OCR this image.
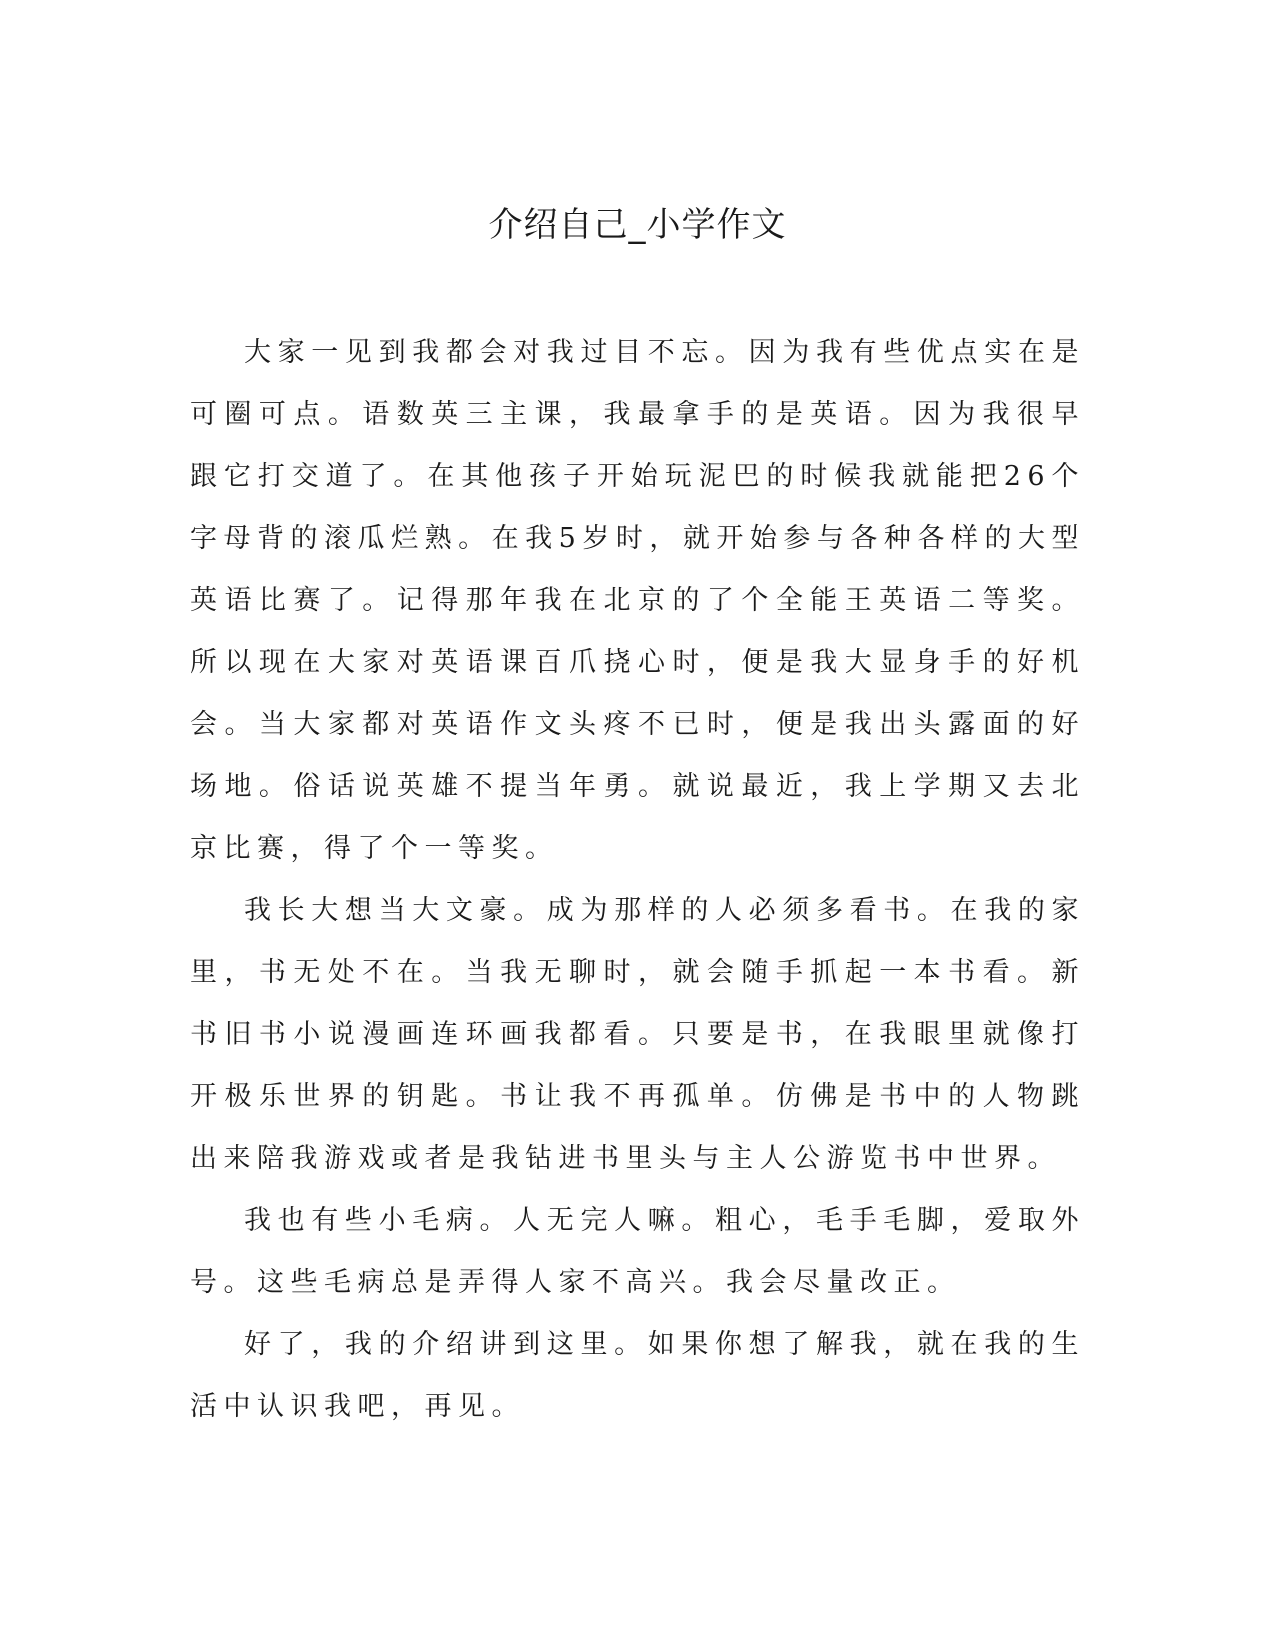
介绍自己_小学作文

大家一见到我都会对我过目不忘。因为我有些优点实在是可圈可点。语数英三主课，我最拿手的是英语。因为我很早跟它打交道了。在其他孩子开始玩泥巴的时候我就能把26个字母背的滚瓜烂熟。在我5岁时，就开始参与各种各样的大型英语比赛了。记得那年我在北京的了个全能王英语二等奖。所以现在大家对英语课百爪挠心时，便是我大显身手的好机会。当大家都对英语作文头疼不已时，便是我出头露面的好场地。俗话说英雄不提当年勇。就说最近，我上学期又去北京比赛，得了个一等奖。

我长大想当大文豪。成为那样的人必须多看书。在我的家里，书无处不在。当我无聊时，就会随手抓起一本书看。新书旧书小说漫画连环画我都看。只要是书，在我眼里就像打开极乐世界的钥匙。书让我不再孤单。仿佛是书中的人物跳出来陪我游戏或者是我钻进书里头与主人公游览书中世界。

我也有些小毛病。人无完人嘛。粗心，毛手毛脚，爱取外号。这些毛病总是弄得人家不高兴。我会尽量改正。

好了，我的介绍讲到这里。如果你想了解我，就在我的生活中认识我吧，再见。
